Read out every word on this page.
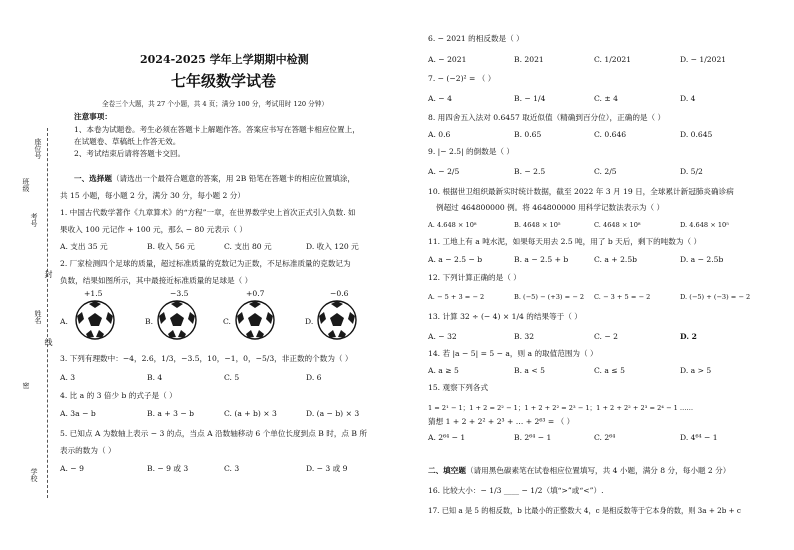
座位号
班级
考号
封
姓名
线
密
学校
2024-2025 学年上学期期中检测
七年级数学试卷
全卷三个大题，共 27 个小题，共 4 页；满分 100 分，考试用时 120 分钟）
注意事项：
1、本卷为试题卷。考生必须在答题卡上解题作答。答案应书写在答题卡相应位置上，
在试题卷、草稿纸上作答无效。
2、考试结束后请将答题卡交回。
一、选择题（请选出一个最符合题意的答案，用 2B 铅笔在答题卡的相应位置填涂，
共 15 小题，每小题 2 分，满分 30 分，每小题 2 分）
1. 中国古代数学著作《九章算术》的“方程”一章，在世界数学史上首次正式引入负数. 如
果收入 100 元记作 + 100 元，那么 − 80 元表示（ ）
A. 支出 35 元	B. 收入 56 元	C. 支出 80 元	D. 收入 120 元
2. 厂家检测四个足球的质量，超过标准质量的克数记为正数，不足标准质量的克数记为
负数，结果如图所示，其中最接近标准质量的足球是（ ）
+1.5	−3.5	+0.7	−0.6
A.	B.	C.	D.
3. 下列有理数中：−4，2.6，1/3，−3.5，10，−1，0，−5/3，非正数的个数为（ ）
A. 3	B. 4	C. 5	D. 6
4. 比 a 的 3 倍少 b 的式子是（ ）
A. 3a − b	B. a + 3 − b	C. (a + b) × 3	D. (a − b) × 3
5. 已知点 A 为数轴上表示 − 3 的点，当点 A 沿数轴移动 6 个单位长度到点 B 时，点 B 所
表示的数为（ ）
A. − 9	B. − 9 或 3	C. 3	D. − 3 或 9
6. − 2021 的相反数是（ ）
A. − 2021	B. 2021	C. 1/2021	D. − 1/2021
7. − (−2)² = （ ）
A. − 4	B. − 1/4	C. ± 4	D. 4
8. 用四舍五入法对 0.6457 取近似值（精确到百分位），正确的是（ ）
A. 0.6	B. 0.65	C. 0.646	D. 0.645
9. |− 2.5| 的倒数是（ ）
A. − 2/5	B. − 2.5	C. 2/5	D. 5/2
10. 根据世卫组织最新实时统计数据，截至 2022 年 3 月 19 日，全球累计新冠肺炎确诊病
例超过 464800000 例。将 464800000 用科学记数法表示为（ ）
A. 4.648 × 10⁸	B. 4648 × 10⁵	C. 4648 × 10⁸	D. 4.648 × 10⁵
11. 工地上有 a 吨水泥，如果每天用去 2.5 吨，用了 b 天后，剩下的吨数为（ ）
A. a − 2.5 − b	B. a − 2.5 + b	C. a + 2.5b	D. a − 2.5b
12. 下列计算正确的是（ ）
A. − 5 + 3 = − 2	B. (−5) − (+3) = − 2 C. − 3 + 5 = − 2	D. (−5) + (−3) = − 2
13. 计算 32 ÷ (− 4) × 1/4 的结果等于（ ）
A. − 32	B. 32	C. − 2	D. 2
14. 若 |a − 5| = 5 − a，则 a 的取值范围为（ ）
A. a ≥ 5	B. a < 5	C. a ≤ 5	D. a > 5
15. 观察下列各式
1 = 2¹ − 1；1 + 2 = 2² − 1；1 + 2 + 2² = 2³ − 1；1 + 2 + 2² + 2³ = 2⁴ − 1 ……
猜想 1 + 2 + 2² + 2³ + … + 2⁶³ = （ ）
A. 2⁶⁴ − 1	B. 2⁶⁴ − 1	C. 2⁶⁴	D. 4⁶⁴ − 1
二、填空题（请用黑色碳素笔在试卷相应位置填写，共 4 小题，满分 8 分，每小题 2 分）
16. 比较大小：− 1/3 ____ − 1/2（填“>”或“<”）.
17. 已知 a 是 5 的相反数，b 比最小的正整数大 4，c 是相反数等于它本身的数，则 3a + 2b + c
